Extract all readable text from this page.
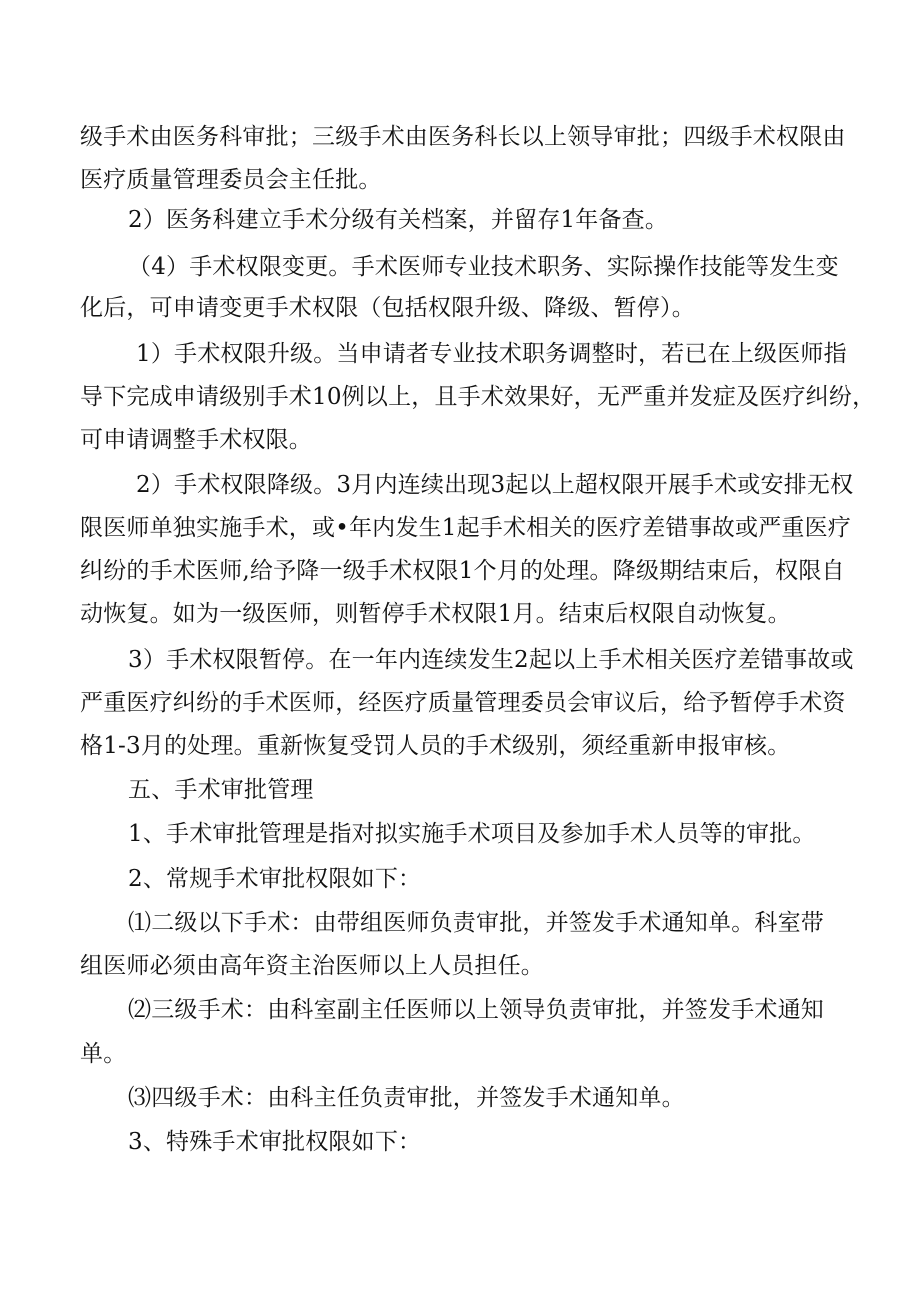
级手术由医务科审批；三级手术由医务科长以上领导审批；四级手术权限由
医疗质量管理委员会主任批。
2）医务科建立手术分级有关档案，并留存1年备查。
（4）手术权限变更。手术医师专业技术职务、实际操作技能等发生变
化后，可申请变更手术权限（包括权限升级、降级、暂停）。
1）手术权限升级。当申请者专业技术职务调整时，若已在上级医师指
导下完成申请级别手术10例以上，且手术效果好，无严重并发症及医疗纠纷，
可申请调整手术权限。
2）手术权限降级。3月内连续出现3起以上超权限开展手术或安排无权
限医师单独实施手术，或•年内发生1起手术相关的医疗差错事故或严重医疗
纠纷的手术医师,给予降一级手术权限1个月的处理。降级期结束后，权限自
动恢复。如为一级医师，则暂停手术权限1月。结束后权限自动恢复。
3）手术权限暂停。在一年内连续发生2起以上手术相关医疗差错事故或
严重医疗纠纷的手术医师，经医疗质量管理委员会审议后，给予暂停手术资
格1-3月的处理。重新恢复受罚人员的手术级别，须经重新申报审核。
五、手术审批管理
1、手术审批管理是指对拟实施手术项目及参加手术人员等的审批。
2、常规手术审批权限如下：
⑴二级以下手术：由带组医师负责审批，并签发手术通知单。科室带
组医师必须由高年资主治医师以上人员担任。
⑵三级手术：由科室副主任医师以上领导负责审批，并签发手术通知
单。
⑶四级手术：由科主任负责审批，并签发手术通知单。
3、特殊手术审批权限如下：
